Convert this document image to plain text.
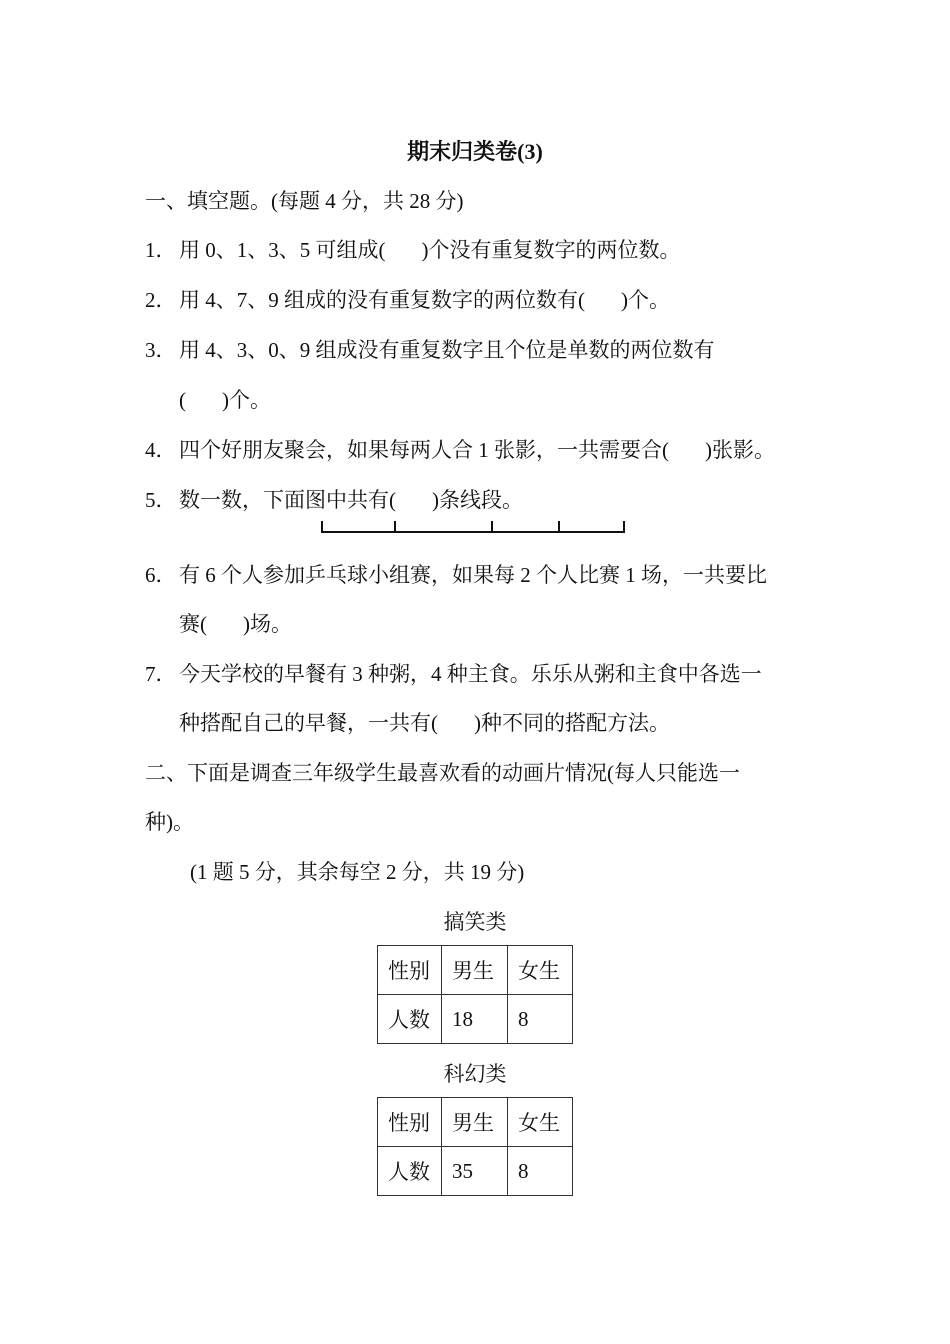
期末归类卷(3)
一、填空题。(每题 4 分，共 28 分)
1． 用 0、1、3、5 可组成( )个没有重复数字的两位数。
2． 用 4、7、9 组成的没有重复数字的两位数有( )个。
3． 用 4、3、0、9 组成没有重复数字且个位是单数的两位数有
( )个。
4． 四个好朋友聚会，如果每两人合 1 张影，一共需要合( )张影。
5． 数一数，下面图中共有( )条线段。
6． 有 6 个人参加乒乓球小组赛，如果每 2 个人比赛 1 场，一共要比
赛( )场。
7． 今天学校的早餐有 3 种粥，4 种主食。乐乐从粥和主食中各选一
种搭配自己的早餐，一共有( )种不同的搭配方法。
二、下面是调查三年级学生最喜欢看的动画片情况(每人只能选一
种)。
(1 题 5 分，其余每空 2 分，共 19 分)
搞笑类
性别	男生	女生
人数	18	8
科幻类
性别	男生	女生
人数	35	8
